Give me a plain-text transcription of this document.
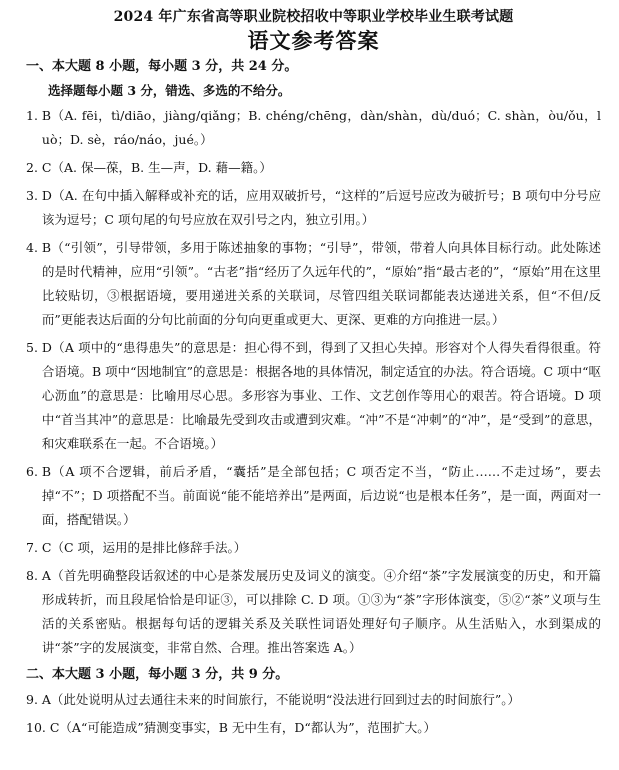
2024 年广东省高等职业院校招收中等职业学校毕业生联考试题
语文参考答案
一、本大题 8 小题，每小题 3 分，共 24 分。
选择题每小题 3 分，错选、多选的不给分。
1. B（A. fēi，tì/diāo，jiàng/qiǎng；B. chéng/chēng，dàn/shàn，dù/duó；C. shàn，òu/ǒu，luò；D. sè，ráo/náo，jué。）
2. C（A. 保—葆，B. 生—声，D. 藉—籍。）
3. D（A. 在句中插入解释或补充的话，应用双破折号，“这样的”后逗号应改为破折号；B 项句中分号应该为逗号；C 项句尾的句号应放在双引号之内，独立引用。）
4. B（“引领”，引导带领，多用于陈述抽象的事物；“引导”，带领，带着人向具体目标行动。此处陈述的是时代精神，应用“引领”。“古老”指“经历了久远年代的”，“原始”指“最古老的”，“原始”用在这里比较贴切，③根据语境，要用递进关系的关联词，尽管四组关联词都能表达递进关系，但“不但/反而”更能表达后面的分句比前面的分句向更重或更大、更深、更难的方向推进一层。）
5. D（A 项中的“患得患失”的意思是：担心得不到，得到了又担心失掉。形容对个人得失看得很重。符合语境。B 项中“因地制宜”的意思是：根据各地的具体情况，制定适宜的办法。符合语境。C 项中“呕心沥血”的意思是：比喻用尽心思。多形容为事业、工作、文艺创作等用心的艰苦。符合语境。D 项中“首当其冲”的意思是：比喻最先受到攻击或遭到灾难。“冲”不是“冲刺”的“冲”，是“受到”的意思，和灾难联系在一起。不合语境。）
6. B（A 项不合逻辑，前后矛盾，“囊括”是全部包括；C 项否定不当，“防止……不走过场”，要去掉“不”；D 项搭配不当。前面说“能不能培养出”是两面，后边说“也是根本任务”，是一面，两面对一面，搭配错误。）
7. C（C 项，运用的是排比修辞手法。）
8. A（首先明确整段话叙述的中心是茶发展历史及词义的演变。④介绍“茶”字发展演变的历史，和开篇形成转折，而且段尾恰恰是印证③，可以排除 C. D 项。①③为“茶”字形体演变，⑤②“茶”义项与生活的关系密贴。根据每句话的逻辑关系及关联性词语处理好句子顺序。从生活贴入，水到渠成的讲“茶”字的发展演变，非常自然、合理。推出答案选 A。）
二、本大题 3 小题，每小题 3 分，共 9 分。
9. A（此处说明从过去通往未来的时间旅行，不能说明“没法进行回到过去的时间旅行”。）
10. C（A“可能造成”猜测变事实，B 无中生有，D“都认为”，范围扩大。）
